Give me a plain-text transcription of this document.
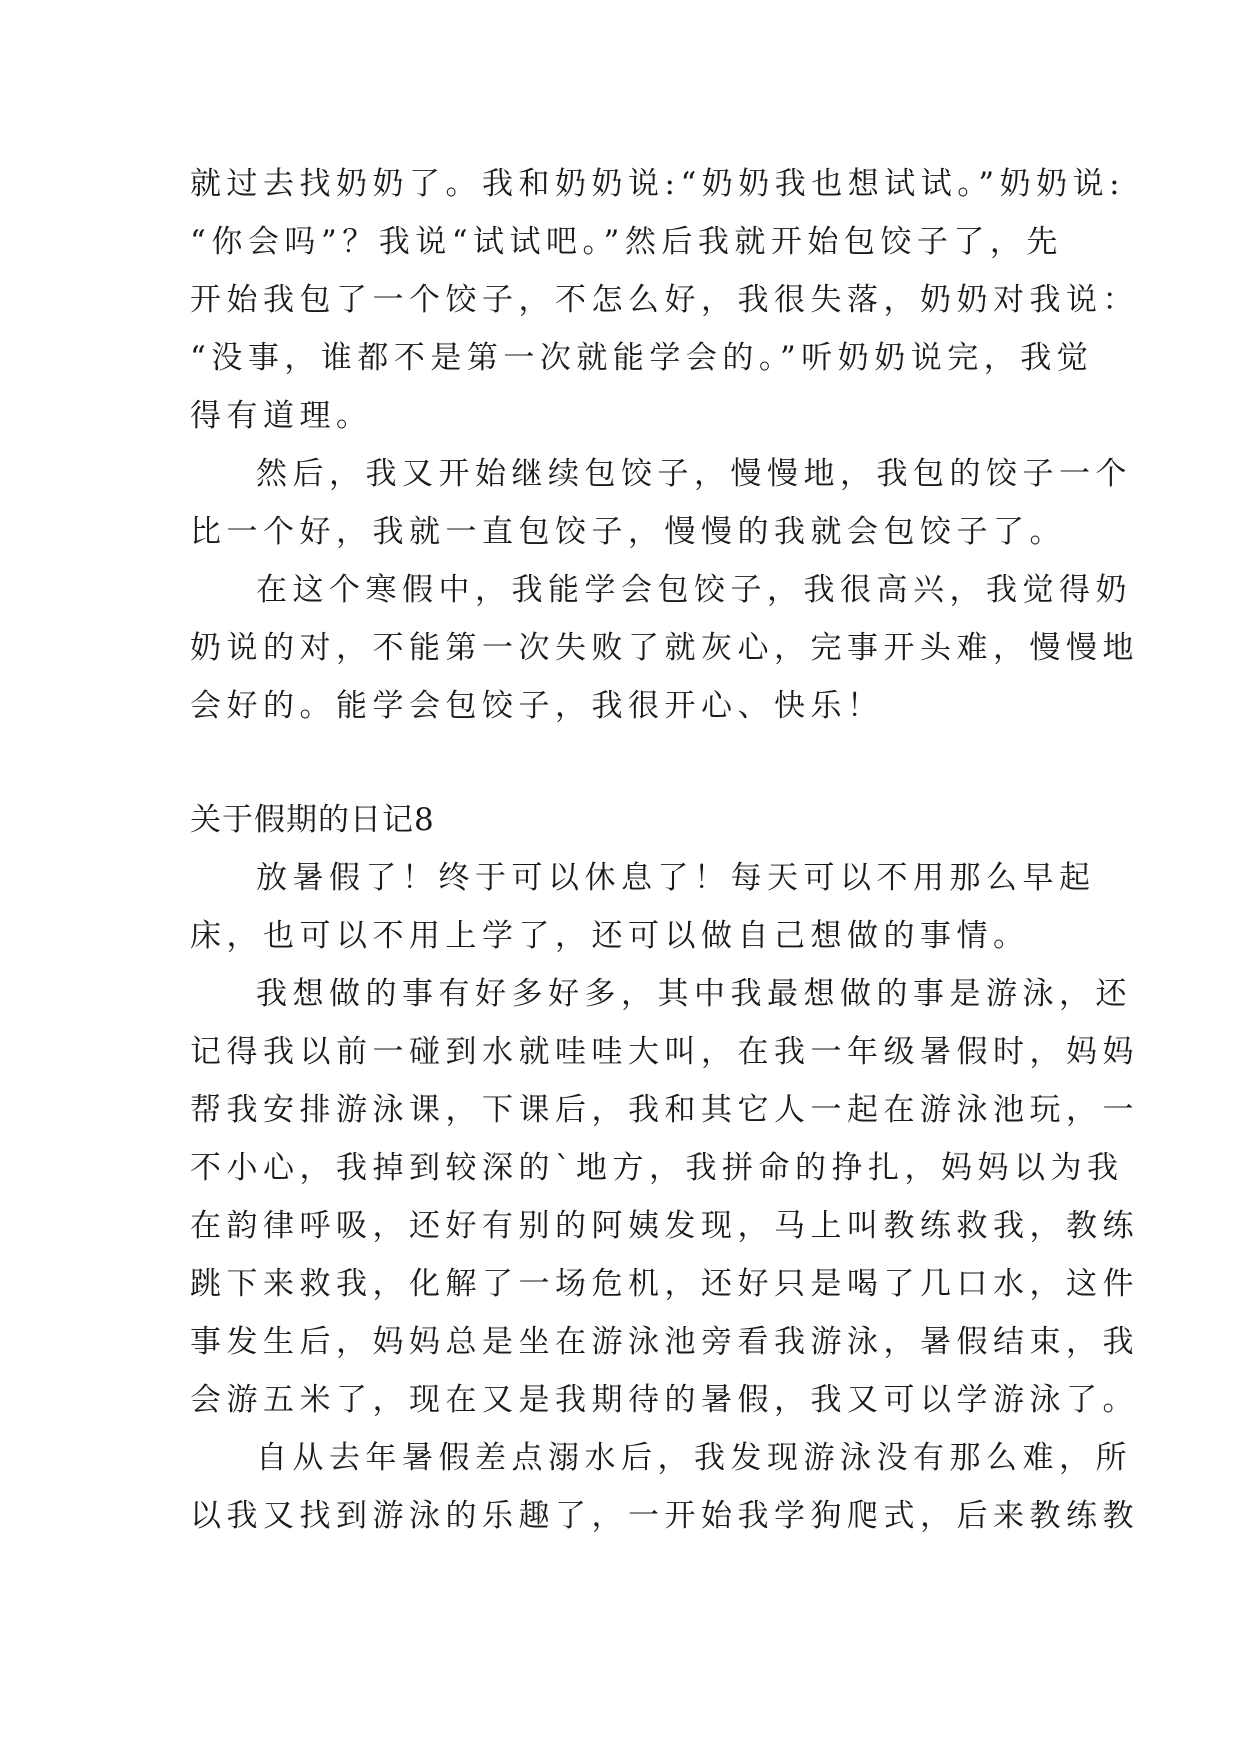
就过去找奶奶了。我和奶奶说:“奶奶我也想试试。”奶奶说:
“你会吗”？我说“试试吧。”然后我就开始包饺子了，先
开始我包了一个饺子，不怎么好，我很失落，奶奶对我说：
“没事，谁都不是第一次就能学会的。”听奶奶说完，我觉
得有道理。
然后，我又开始继续包饺子，慢慢地，我包的饺子一个
比一个好，我就一直包饺子，慢慢的我就会包饺子了。
在这个寒假中，我能学会包饺子，我很高兴，我觉得奶
奶说的对，不能第一次失败了就灰心，完事开头难，慢慢地
会好的。能学会包饺子，我很开心、快乐！
关于假期的日记8
放暑假了！终于可以休息了！每天可以不用那么早起
床，也可以不用上学了，还可以做自己想做的事情。
我想做的事有好多好多，其中我最想做的事是游泳，还
记得我以前一碰到水就哇哇大叫，在我一年级暑假时，妈妈
帮我安排游泳课，下课后，我和其它人一起在游泳池玩，一
不小心，我掉到较深的`地方，我拼命的挣扎，妈妈以为我
在韵律呼吸，还好有别的阿姨发现，马上叫教练救我，教练
跳下来救我，化解了一场危机，还好只是喝了几口水，这件
事发生后，妈妈总是坐在游泳池旁看我游泳，暑假结束，我
会游五米了，现在又是我期待的暑假，我又可以学游泳了。
自从去年暑假差点溺水后，我发现游泳没有那么难，所
以我又找到游泳的乐趣了，一开始我学狗爬式，后来教练教
